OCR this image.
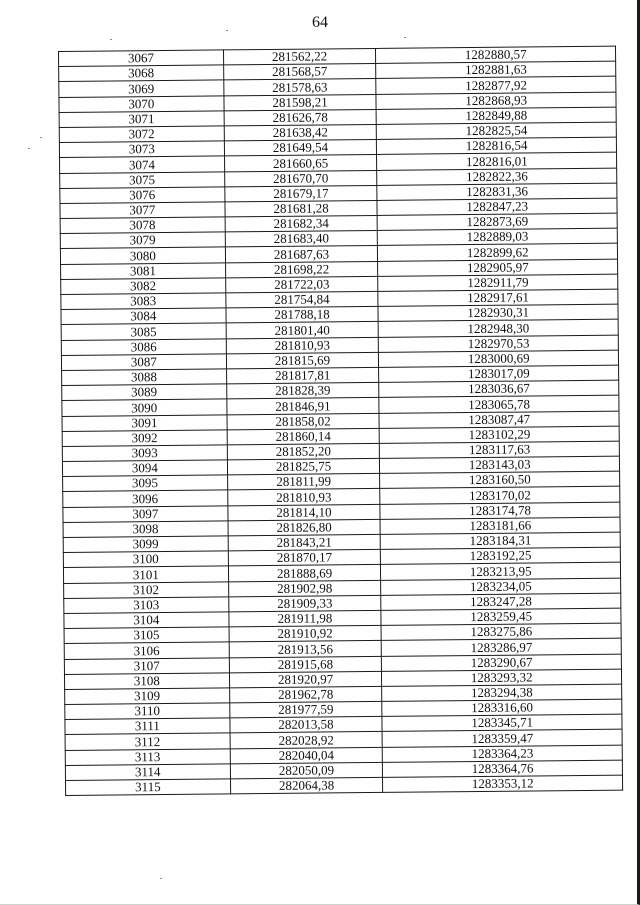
64
3067	281562,22	1282880,57
3068	281568,57	1282881,63
3069	281578,63	1282877,92
3070	281598,21	1282868,93
3071	281626,78	1282849,88
3072	281638,42	1282825,54
3073	281649,54	1282816,54
3074	281660,65	1282816,01
3075	281670,70	1282822,36
3076	281679,17	1282831,36
3077	281681,28	1282847,23
3078	281682,34	1282873,69
3079	281683,40	1282889,03
3080	281687,63	1282899,62
3081	281698,22	1282905,97
3082	281722,03	1282911,79
3083	281754,84	1282917,61
3084	281788,18	1282930,31
3085	281801,40	1282948,30
3086	281810,93	1282970,53
3087	281815,69	1283000,69
3088	281817,81	1283017,09
3089	281828,39	1283036,67
3090	281846,91	1283065,78
3091	281858,02	1283087,47
3092	281860,14	1283102,29
3093	281852,20	1283117,63
3094	281825,75	1283143,03
3095	281811,99	1283160,50
3096	281810,93	1283170,02
3097	281814,10	1283174,78
3098	281826,80	1283181,66
3099	281843,21	1283184,31
3100	281870,17	1283192,25
3101	281888,69	1283213,95
3102	281902,98	1283234,05
3103	281909,33	1283247,28
3104	281911,98	1283259,45
3105	281910,92	1283275,86
3106	281913,56	1283286,97
3107	281915,68	1283290,67
3108	281920,97	1283293,32
3109	281962,78	1283294,38
3110	281977,59	1283316,60
3111	282013,58	1283345,71
3112	282028,92	1283359,47
3113	282040,04	1283364,23
3114	282050,09	1283364,76
3115	282064,38	1283353,12
